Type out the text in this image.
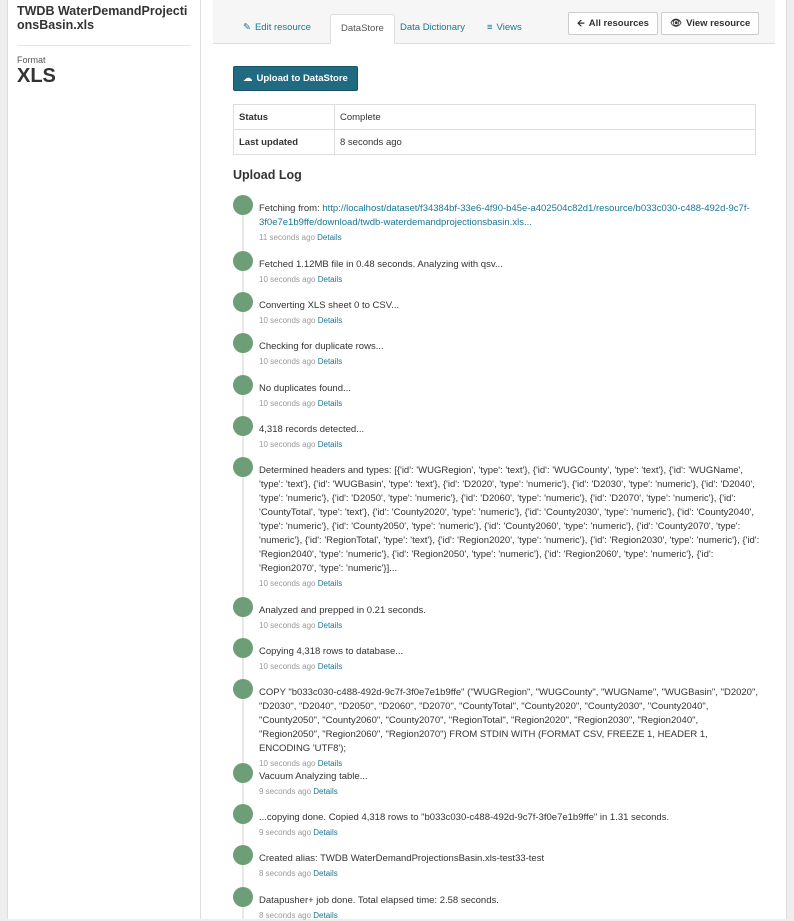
TWDB WaterDemandProjectionsBasin.xls

Format

XLS

✎ Edit resource	DataStore	Data Dictionary	≡ Views	🡨 All resources	👁 View resource
☁ Upload to DataStore
Status	Complete
Last updated	8 seconds ago
Upload Log
Fetching from: http://localhost/dataset/f34384bf-33e6-4f90-b45e-a402504c82d1/resource/b033c030-c488-492d-9c7f-3f0e7e1b9ffe/download/twdb-waterdemandprojectionsbasin.xls...
11 seconds ago Details
Fetched 1.12MB file in 0.48 seconds. Analyzing with qsv...
10 seconds ago Details
Converting XLS sheet 0 to CSV...
10 seconds ago Details
Checking for duplicate rows...
10 seconds ago Details
No duplicates found...
10 seconds ago Details
4,318 records detected...
10 seconds ago Details
Determined headers and types: [{'id': 'WUGRegion', 'type': 'text'}, {'id': 'WUGCounty', 'type': 'text'}, {'id': 'WUGName', 'type': 'text'}, {'id': 'WUGBasin', 'type': 'text'}, {'id': 'D2020', 'type': 'numeric'}, {'id': 'D2030', 'type': 'numeric'}, {'id': 'D2040', 'type': 'numeric'}, {'id': 'D2050', 'type': 'numeric'}, {'id': 'D2060', 'type': 'numeric'}, {'id': 'D2070', 'type': 'numeric'}, {'id': 'CountyTotal', 'type': 'text'}, {'id': 'County2020', 'type': 'numeric'}, {'id': 'County2030', 'type': 'numeric'}, {'id': 'County2040', 'type': 'numeric'}, {'id': 'County2050', 'type': 'numeric'}, {'id': 'County2060', 'type': 'numeric'}, {'id': 'County2070', 'type': 'numeric'}, {'id': 'RegionTotal', 'type': 'text'}, {'id': 'Region2020', 'type': 'numeric'}, {'id': 'Region2030', 'type': 'numeric'}, {'id': 'Region2040', 'type': 'numeric'}, {'id': 'Region2050', 'type': 'numeric'}, {'id': 'Region2060', 'type': 'numeric'}, {'id': 'Region2070', 'type': 'numeric'}]...
10 seconds ago Details
Analyzed and prepped in 0.21 seconds.
10 seconds ago Details
Copying 4,318 rows to database...
10 seconds ago Details
COPY "b033c030-c488-492d-9c7f-3f0e7e1b9ffe" ("WUGRegion", "WUGCounty", "WUGName", "WUGBasin", "D2020", "D2030", "D2040", "D2050", "D2060", "D2070", "CountyTotal", "County2020", "County2030", "County2040", "County2050", "County2060", "County2070", "RegionTotal", "Region2020", "Region2030", "Region2040", "Region2050", "Region2060", "Region2070") FROM STDIN WITH (FORMAT CSV, FREEZE 1, HEADER 1, ENCODING 'UTF8');
10 seconds ago Details
Vacuum Analyzing table...
9 seconds ago Details
...copying done. Copied 4,318 rows to "b033c030-c488-492d-9c7f-3f0e7e1b9ffe" in 1.31 seconds.
9 seconds ago Details
Created alias: TWDB WaterDemandProjectionsBasin.xls-test33-test
8 seconds ago Details
Datapusher+ job done. Total elapsed time: 2.58 seconds.
8 seconds ago Details
